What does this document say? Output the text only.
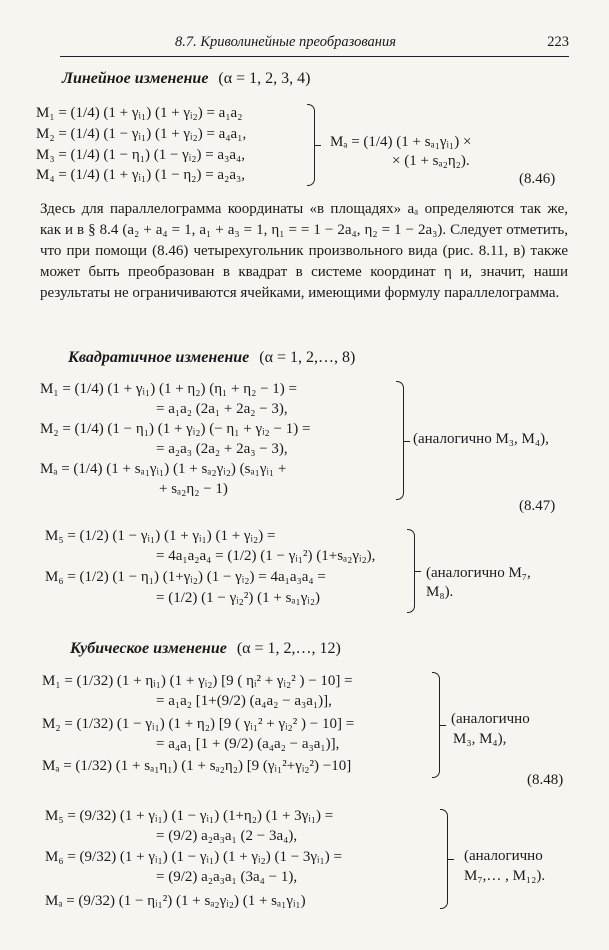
8.7. Криволинейные преобразования	223
Линейное изменение (α = 1, 2, 3, 4)
M₁ = (1/4) (1 + γᵢ₁) (1 + γᵢ₂) = a₁a₂
M₂ = (1/4) (1 − γᵢ₁) (1 + γᵢ₂) = a₄a₁,
M₃ = (1/4) (1 − η₁) (1 − γᵢ₂) = a₃a₄,
M₄ = (1/4) (1 + γᵢ₁) (1 − η₂) = a₂a₃,
Mₐ = (1/4) (1 + sₐ₁γᵢ₁) ×
× (1 + sₐ₂η₂).
(8.46)
Здесь для параллелограмма координаты «в площадях» aₐ определяются так же, как и в § 8.4 (a₂ + a₄ = 1, a₁ + a₃ = 1, η₁ = = 1 − 2a₄, η₂ = 1 − 2a₃). Следует отметить, что при помощи (8.46) четырехугольник произвольного вида (рис. 8.11, в) также может быть преобразован в квадрат в системе координат η и, значит, наши результаты не ограничиваются ячейками, имеющими формулу параллелограмма.
Квадратичное изменение (α = 1, 2,…, 8)
M₁ = (1/4) (1 + γᵢ₁) (1 + η₂) (η₁ + η₂ − 1) =
= a₁a₂ (2a₁ + 2a₂ − 3),
M₂ = (1/4) (1 − η₁) (1 + γᵢ₂) (− η₁ + γᵢ₂ − 1) =
= a₂a₃ (2a₂ + 2a₃ − 3),
Mₐ = (1/4) (1 + sₐ₁γᵢ₁) (1 + sₐ₂γᵢ₂) (sₐ₁γᵢ₁ +
+ sₐ₂η₂ − 1)
(аналогично M₃, M₄),
(8.47)
M₅ = (1/2) (1 − γᵢ₁) (1 + γᵢ₁) (1 + γᵢ₂) =
= 4a₁a₂a₄ = (1/2) (1 − γᵢ₁²) (1+sₐ₂γᵢ₂),
M₆ = (1/2) (1 − η₁) (1+γᵢ₂) (1 − γᵢ₂) = 4a₁a₃a₄ =
= (1/2) (1 − γᵢ₂²) (1 + sₐ₁γᵢ₂)
(аналогично M₇,
M₈).
Кубическое изменение (α = 1, 2,…, 12)
M₁ = (1/32) (1 + ηᵢ₁) (1 + γᵢ₂) [9 ( ηᵢ² + γᵢ₂² ) − 10] =
= a₁a₂ [1+(9/2) (a₄a₂ − a₃a₁)],
M₂ = (1/32) (1 − γᵢ₁) (1 + η₂) [9 ( γᵢ₁² + γᵢ₂² ) − 10] =
= a₄a₁ [1 + (9/2) (a₄a₂ − a₃a₁)],
Mₐ = (1/32) (1 + sₐ₁η₁) (1 + sₐ₂η₂) [9 (γᵢ₁²+γᵢ₂²) −10]
(аналогично
M₃, M₄),
(8.48)
M₅ = (9/32) (1 + γᵢ₁) (1 − γᵢ₁) (1+η₂) (1 + 3γᵢ₁) =
= (9/2) a₂a₃a₁ (2 − 3a₄),
M₆ = (9/32) (1 + γᵢ₁) (1 − γᵢ₁) (1 + γᵢ₂) (1 − 3γᵢ₁) =
= (9/2) a₂a₃a₁ (3a₄ − 1),
Mₐ = (9/32) (1 − ηᵢ₁²) (1 + sₐ₂γᵢ₂) (1 + sₐ₁γᵢ₁)
(аналогично
M₇,… , M₁₂).
